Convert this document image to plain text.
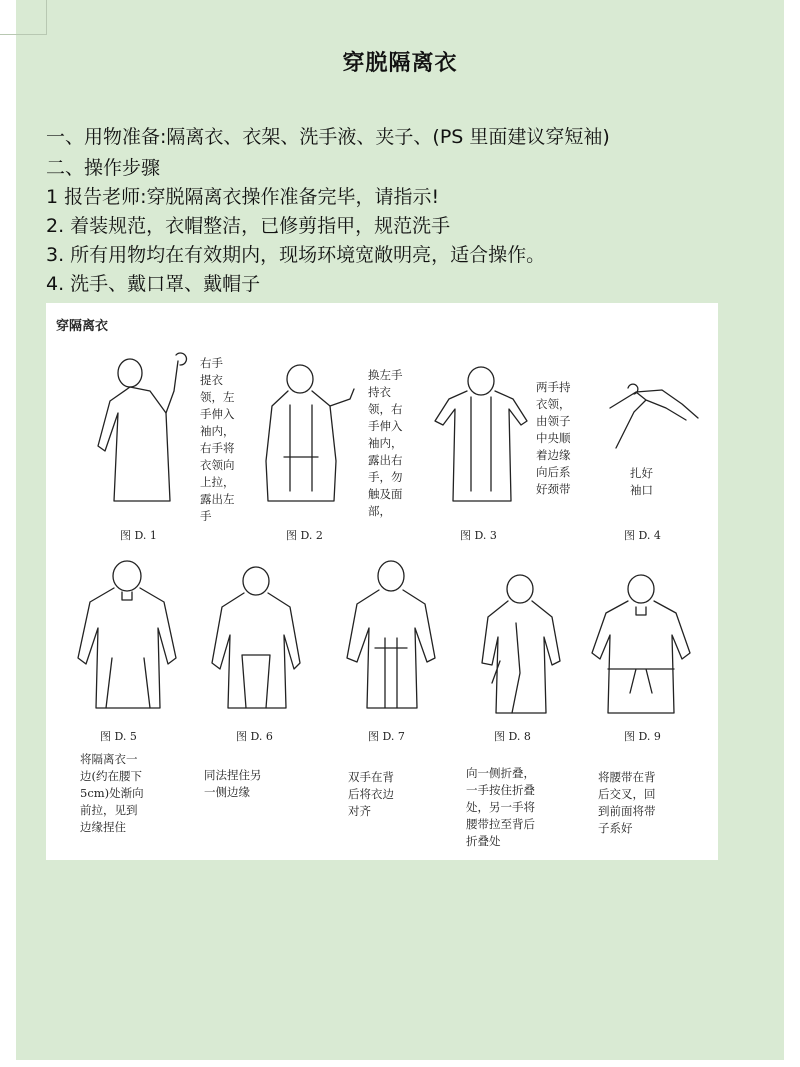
穿脱隔离衣
一、用物准备:隔离衣、衣架、洗手液、夹子、(PS 里面建议穿短袖)
二、操作步骤
1 报告老师:穿脱隔离衣操作准备完毕，请指示!
2. 着装规范，衣帽整洁，已修剪指甲，规范洗手
3. 所有用物均在有效期内，现场环境宽敞明亮，适合操作。
4. 洗手、戴口罩、戴帽子
穿隔离衣
右手
提衣
领，左
手伸入
袖内，
右手将
衣领向
上拉，
露出左
手
换左手
持衣
领，右
手伸入
袖内，
露出右
手，勿
触及面
部，
两手持
衣领，
由领子
中央顺
着边缘
向后系
好颈带
扎好
袖口
图 D. 1	图 D. 2	图 D. 3	图 D. 4
图 D. 5	图 D. 6	图 D. 7	图 D. 8	图 D. 9
将隔离衣一
边(约在腰下
5cm)处渐向
前拉，见到
边缘捏住
同法捏住另
一侧边缘
双手在背
后将衣边
对齐
向一侧折叠，
一手按住折叠
处，另一手将
腰带拉至背后
折叠处
将腰带在背
后交叉，回
到前面将带
子系好
